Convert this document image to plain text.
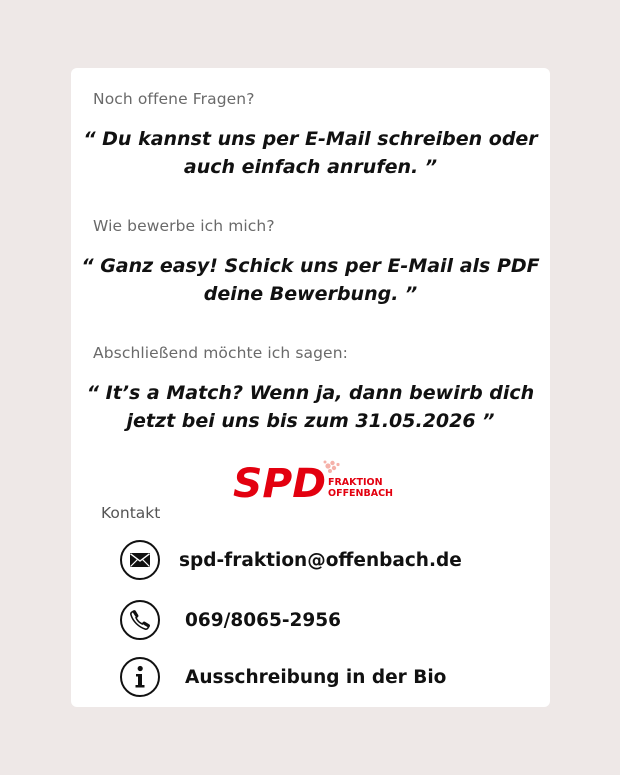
Noch offene Fragen?
“ Du kannst uns per E-Mail schreiben oder
auch einfach anrufen. ”
Wie bewerbe ich mich?
“ Ganz easy! Schick uns per E-Mail als PDF
deine Bewerbung. ”
Abschließend möchte ich sagen:
“ It’s a Match? Wenn ja, dann bewirb dich
jetzt bei uns bis zum 31.05.2026 ”
SPD FRAKTION
OFFENBACH
Kontakt
spd-fraktion@offenbach.de
069/8065-2956
Ausschreibung in der Bio
